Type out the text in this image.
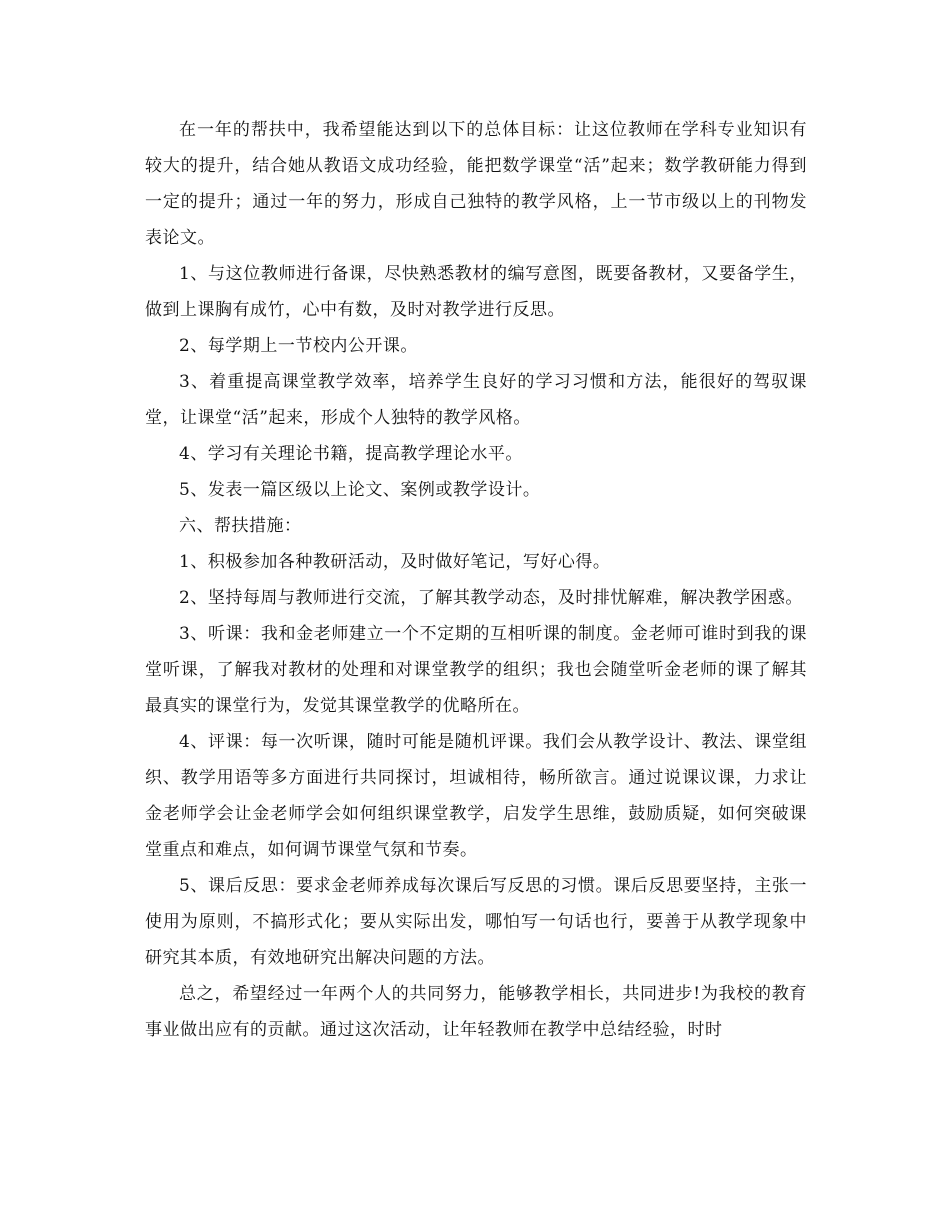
在一年的帮扶中，我希望能达到以下的总体目标：让这位教师在学科专业知识有较大的提升，结合她从教语文成功经验，能把数学课堂“活”起来；数学教研能力得到一定的提升；通过一年的努力，形成自己独特的教学风格，上一节市级以上的刊物发表论文。

1、与这位教师进行备课，尽快熟悉教材的编写意图，既要备教材，又要备学生，做到上课胸有成竹，心中有数，及时对教学进行反思。

2、每学期上一节校内公开课。

3、着重提高课堂教学效率，培养学生良好的学习习惯和方法，能很好的驾驭课堂，让课堂“活”起来，形成个人独特的教学风格。

4、学习有关理论书籍，提高教学理论水平。

5、发表一篇区级以上论文、案例或教学设计。

六、帮扶措施：

1、积极参加各种教研活动，及时做好笔记，写好心得。

2、坚持每周与教师进行交流，了解其教学动态，及时排忧解难，解决教学困惑。

3、听课：我和金老师建立一个不定期的互相听课的制度。金老师可谁时到我的课堂听课，了解我对教材的处理和对课堂教学的组织；我也会随堂听金老师的课了解其最真实的课堂行为，发觉其课堂教学的优略所在。

4、评课：每一次听课，随时可能是随机评课。我们会从教学设计、教法、课堂组织、教学用语等多方面进行共同探讨，坦诚相待，畅所欲言。通过说课议课，力求让金老师学会让金老师学会如何组织课堂教学，启发学生思维，鼓励质疑，如何突破课堂重点和难点，如何调节课堂气氛和节奏。

5、课后反思：要求金老师养成每次课后写反思的习惯。课后反思要坚持，主张一使用为原则，不搞形式化；要从实际出发，哪怕写一句话也行，要善于从教学现象中研究其本质，有效地研究出解决问题的方法。

总之，希望经过一年两个人的共同努力，能够教学相长，共同进步!为我校的教育事业做出应有的贡献。通过这次活动，让年轻教师在教学中总结经验，时时
